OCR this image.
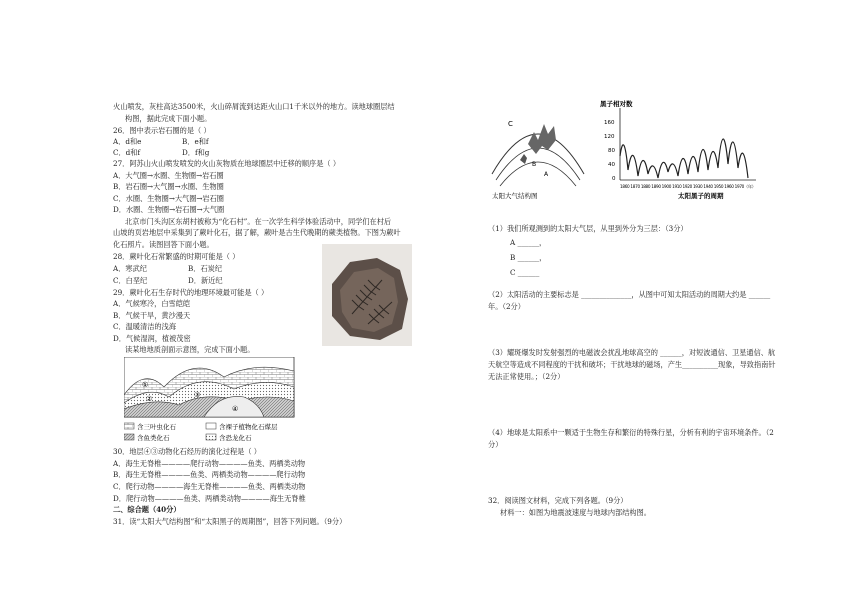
火山喷发，灰柱高达3500米，火山碎屑流到达距火山口1千米以外的地方。读地球圈层结
构图，据此完成下面小题。
26．图中表示岩石圈的是（ ）
A．d和e	B．e和f
C．d和f	D．f和g
27．阿苏山火山喷发喷发的火山灰物质在地球圈层中迁移的顺序是（ ）
A．大气圈→水圈、生物圈→岩石圈
B．岩石圈→大气圈→水圈、生物圈
C．水圈、生物圈→大气圈→岩石圈
D．水圈、生物圈→岩石圈→大气圈
北京市门头沟区东胡村被称为“化石村”。在一次学生科学体验活动中，同学们在村后
山坡的页岩地层中采集到了蕨叶化石，据了解，蕨叶是古生代晚期的蕨类植物。下图为蕨叶
化石照片。读图回答下面小题。
28．蕨叶化石常繁盛的时期可能是（ ）
A．寒武纪	B．石炭纪
C．白垩纪	D．新近纪
29．蕨叶化石生存时代的地理环境最可能是（ ）
A．气候寒冷，白雪皑皑
B．气候干旱，黄沙漫天
C．温暖清洁的浅海
D．气候湿润，植被茂密
读某地地质剖面示意图，完成下面小题。
①
②	③
④
含三叶虫化石	含裸子植物化石煤层
含鱼类化石	含恐龙化石
30．地层④③动物化石经历的演化过程是（ ）
A．海生无脊椎————爬行动物————鱼类、两栖类动物
B．海生无脊椎————鱼类、两栖类动物————爬行动物
C．爬行动物————海生无脊椎————鱼类、两栖类动物
D．爬行动物————鱼类、两栖类动物————海生无脊椎
二、综合题（40分）
31．读“太阳大气结构图”和“太阳黑子的周期图”，回答下列问题。（9分）
C
B
A
太阳大气结构图
黑子相对数
160
120
80
40
0
1860 1870 1880 1890 1900 1910 1920 1930 1940 1950 1960 1970（年）
太阳黑子的周期
（1）我们所观测到的太阳大气层，从里到外分为三层：（3分）
A ______，
B ______，
C ______
（2）太阳活动的主要标志是 ______________，从图中可知太阳活动的周期大约是 ______
年。（2分）
（3）耀斑爆发时发射强烈的电磁波会扰乱地球高空的 ______，对短波通信、卫星通信、航
天航空等造成不同程度的干扰和破坏；干扰地球的磁场，产生__________现象，导致指南针
无法正常使用。；（2分）
（4）地球是太阳系中一颗适于生物生存和繁衍的特殊行星，分析有利的宇宙环境条件。（2
分）
32．阅读图文材料，完成下列各题。（9分）
材料一：如图为地震波速度与地球内部结构图。
